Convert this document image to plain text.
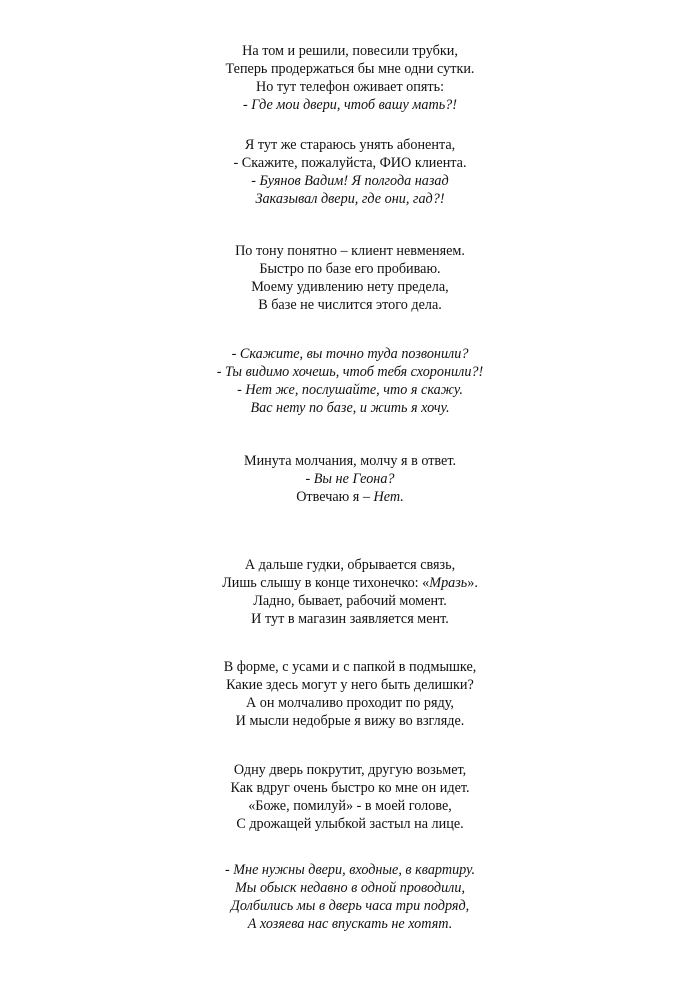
На том и решили, повесили трубки,
Теперь продержаться бы мне одни сутки.
Но тут телефон оживает опять:
- Где мои двери, чтоб вашу мать?!
Я тут же стараюсь унять абонента,
- Скажите, пожалуйста, ФИО клиента.
- Буянов Вадим! Я полгода назад
Заказывал двери, где они, гад?!
По тону понятно – клиент невменяем.
Быстро по базе его пробиваю.
Моему удивлению нету предела,
В базе не числится этого дела.
- Скажите, вы точно туда позвонили?
- Ты видимо хочешь, чтоб тебя схоронили?!
- Нет же, послушайте, что я скажу.
Вас нету по базе, и жить я хочу.
Минута молчания, молчу я в ответ.
- Вы не Геона?
Отвечаю я – Нет.
А дальше гудки, обрывается связь,
Лишь слышу в конце тихонечко: «Мразь».
Ладно, бывает, рабочий момент.
И тут в магазин заявляется мент.
В форме, с усами и с папкой в подмышке,
Какие здесь могут у него быть делишки?
А он молчаливо проходит по ряду,
И мысли недобрые я вижу во взгляде.
Одну дверь покрутит, другую возьмет,
Как вдруг очень быстро ко мне он идет.
«Боже, помилуй» - в моей голове,
С дрожащей улыбкой застыл на лице.
- Мне нужны двери, входные, в квартиру.
Мы обыск недавно в одной проводили,
Долбились мы в дверь часа три подряд,
А хозяева нас впускать не хотят.
